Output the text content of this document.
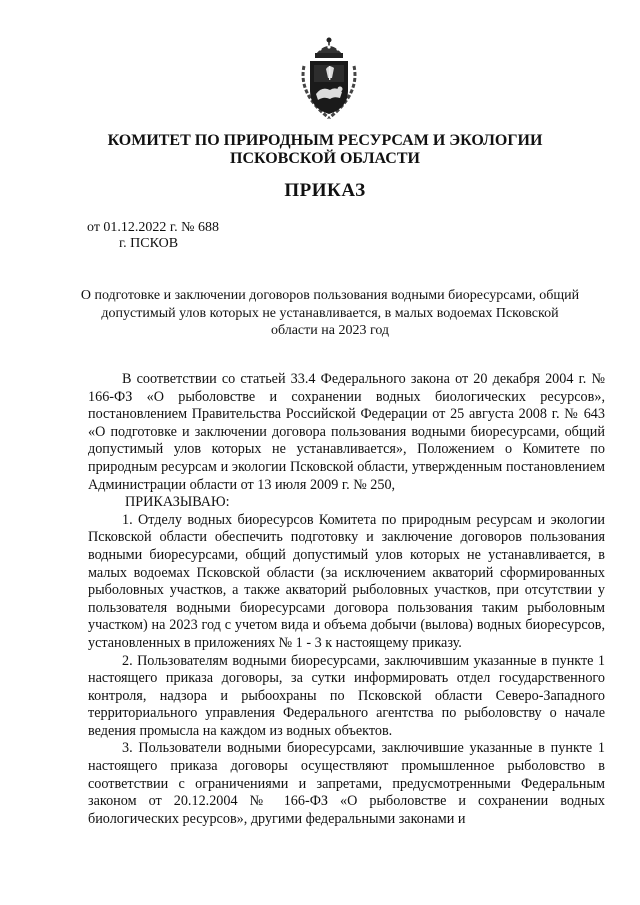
КОМИТЕТ ПО ПРИРОДНЫМ РЕСУРСАМ И ЭКОЛОГИИ
ПСКОВСКОЙ ОБЛАСТИ
ПРИКАЗ
от 01.12.2022 г. № 688
г. ПСКОВ
О подготовке и заключении договоров пользования водными биоресурсами, общий допустимый улов которых не устанавливается, в малых водоемах Псковской области на 2023 год

В соответствии со статьей 33.4 Федерального закона от 20 декабря 2004 г. № 166-ФЗ «О рыболовстве и сохранении водных биологических ресурсов», постановлением Правительства Российской Федерации от 25 августа 2008 г. № 643 «О подготовке и заключении договора пользования водными биоресурсами, общий допустимый улов которых не устанавливается», Положением о Комитете по природным ресурсам и экологии Псковской области, утвержденным постановлением Администрации области от 13 июля 2009 г. № 250,

ПРИКАЗЫВАЮ:

1. Отделу водных биоресурсов Комитета по природным ресурсам и экологии Псковской области обеспечить подготовку и заключение договоров пользования водными биоресурсами, общий допустимый улов которых не устанавливается, в малых водоемах Псковской области (за исключением акваторий сформированных рыболовных участков, а также акваторий рыболовных участков, при отсутствии у пользователя водными биоресурсами договора пользования таким рыболовным участком) на 2023 год с учетом вида и объема добычи (вылова) водных биоресурсов, установленных в приложениях № 1 - 3 к настоящему приказу.

2. Пользователям водными биоресурсами, заключившим указанные в пункте 1 настоящего приказа договоры, за сутки информировать отдел государственного контроля, надзора и рыбоохраны по Псковской области Северо-Западного территориального управления Федерального агентства по рыболовству о начале ведения промысла на каждом из водных объектов.

3. Пользователи водными биоресурсами, заключившие указанные в пункте 1 настоящего приказа договоры осуществляют промышленное рыболовство в соответствии с ограничениями и запретами, предусмотренными Федеральным законом от 20.12.2004 № 166-ФЗ «О рыболовстве и сохранении водных биологических ресурсов», другими федеральными законами и
